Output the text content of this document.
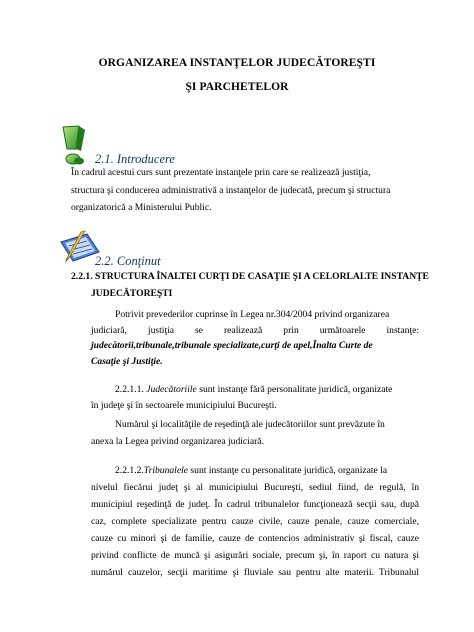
ORGANIZAREA INSTANŢELOR JUDECĂTOREŞTI
ŞI PARCHETELOR
2.1. Introducere
În cadrul acestui curs sunt prezentate instanţele prin care se realizează justiţia,
structura şi conducerea administrativă a instanţelor de judecată, precum şi structura
organizatorică a Ministerului Public.
2.2. Conţinut
2.2.1. STRUCTURA ÎNALTEI CURŢI DE CASAŢIE ŞI A CELORLALTE INSTANŢE
JUDECĂTOREŞTI
Potrivit prevederilor cuprinse în Legea nr.304/2004 privind organizarea
judiciară, justiţia se realizează prin următoarele instanţe:
judecătorii,tribunale,tribunale specializate,curţi de apel,Înalta Curte de
Casaţie şi Justiţie.
2.2.1.1. Judecătoriile sunt instanţe fără personalitate juridică, organizate
în judeţe şi în sectoarele municipiului Bucureşti.
Numărul şi localităţile de reşedinţă ale judecătoriilor sunt prevăzute în
anexa la Legea privind organizarea judiciară.
2.2.1.2.Tribunalele sunt instanţe cu personalitate juridică, organizate la
nivelul fiecărui judeţ şi al municipiului Bucureşti, sediul fiind, de regulă, în
municipiul reşedinţă de judeţ. În cadrul tribunalelor funcţionează secţii sau, după
caz, complete specializate pentru cauze civile, cauze penale, cauze comerciale,
cauze cu minori şi de familie, cauze de contencios administrativ şi fiscal, cauze
privind conflicte de muncă şi asigurări sociale, precum şi, în raport cu natura şi
numărul cauzelor, secţii maritime şi fluviale sau pentru alte materii. Tribunalul
